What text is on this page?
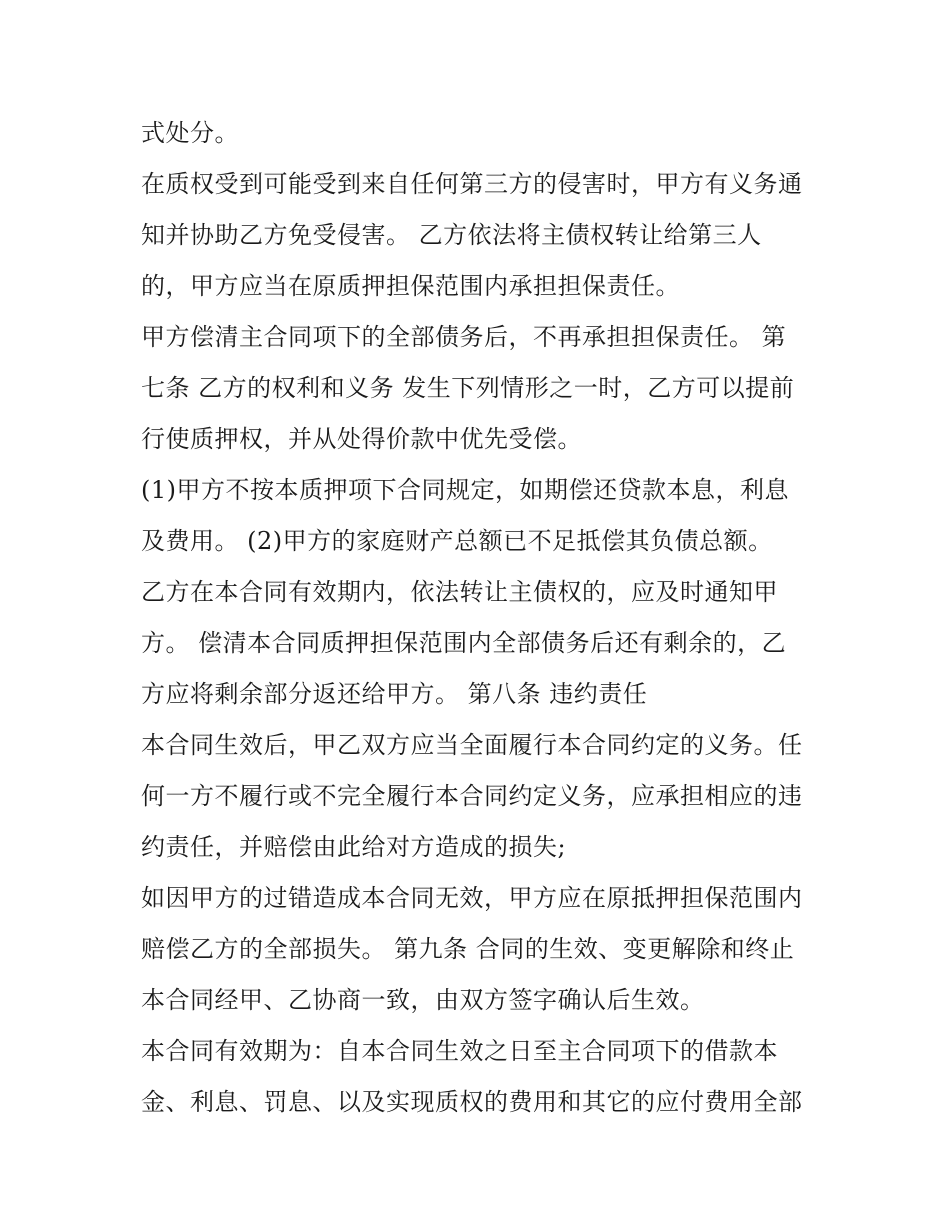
式处分。
在质权受到可能受到来自任何第三方的侵害时，甲方有义务通
知并协助乙方免受侵害。 乙方依法将主债权转让给第三人
的，甲方应当在原质押担保范围内承担担保责任。
甲方偿清主合同项下的全部债务后，不再承担担保责任。 第
七条 乙方的权利和义务 发生下列情形之一时，乙方可以提前
行使质押权，并从处得价款中优先受偿。
(1)甲方不按本质押项下合同规定，如期偿还贷款本息，利息
及费用。 (2)甲方的家庭财产总额已不足抵偿其负债总额。
乙方在本合同有效期内，依法转让主债权的，应及时通知甲
方。 偿清本合同质押担保范围内全部债务后还有剩余的，乙
方应将剩余部分返还给甲方。 第八条 违约责任
本合同生效后，甲乙双方应当全面履行本合同约定的义务。任
何一方不履行或不完全履行本合同约定义务，应承担相应的违
约责任，并赔偿由此给对方造成的损失;
如因甲方的过错造成本合同无效，甲方应在原抵押担保范围内
赔偿乙方的全部损失。 第九条 合同的生效、变更解除和终止
本合同经甲、乙协商一致，由双方签字确认后生效。
本合同有效期为：自本合同生效之日至主合同项下的借款本
金、利息、罚息、以及实现质权的费用和其它的应付费用全部
